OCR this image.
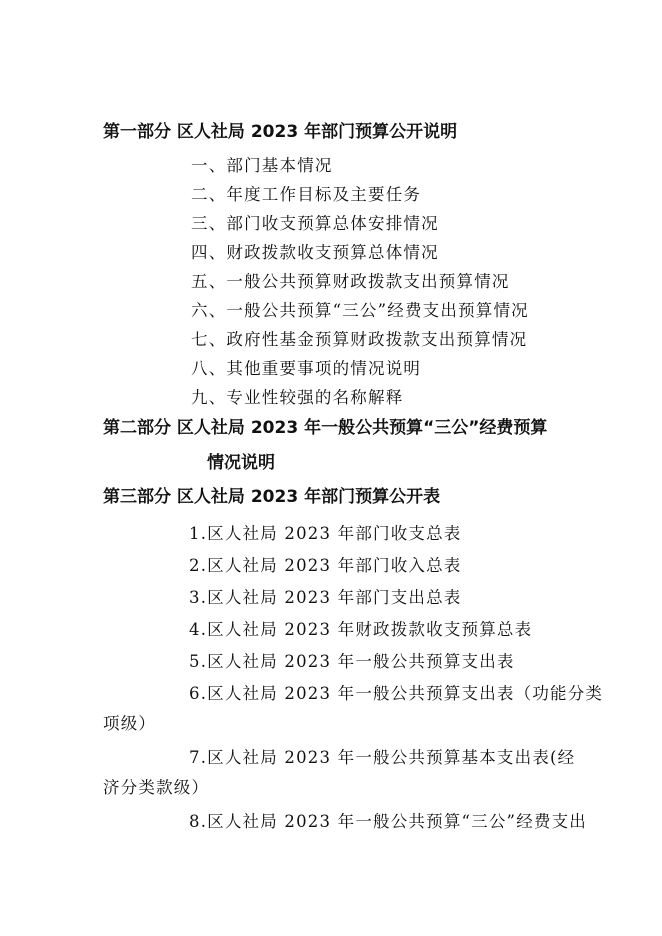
第一部分 区人社局 2023 年部门预算公开说明
一、部门基本情况
二、年度工作目标及主要任务
三、部门收支预算总体安排情况
四、财政拨款收支预算总体情况
五、一般公共预算财政拨款支出预算情况
六、一般公共预算“三公”经费支出预算情况
七、政府性基金预算财政拨款支出预算情况
八、其他重要事项的情况说明
九、专业性较强的名称解释
第二部分 区人社局 2023 年一般公共预算“三公”经费预算
情况说明
第三部分 区人社局 2023 年部门预算公开表
1.区人社局 2023 年部门收支总表
2.区人社局 2023 年部门收入总表
3.区人社局 2023 年部门支出总表
4.区人社局 2023 年财政拨款收支预算总表
5.区人社局 2023 年一般公共预算支出表
6.区人社局 2023 年一般公共预算支出表（功能分类
项级）
7.区人社局 2023 年一般公共预算基本支出表(经
济分类款级）
8.区人社局 2023 年一般公共预算“三公”经费支出
